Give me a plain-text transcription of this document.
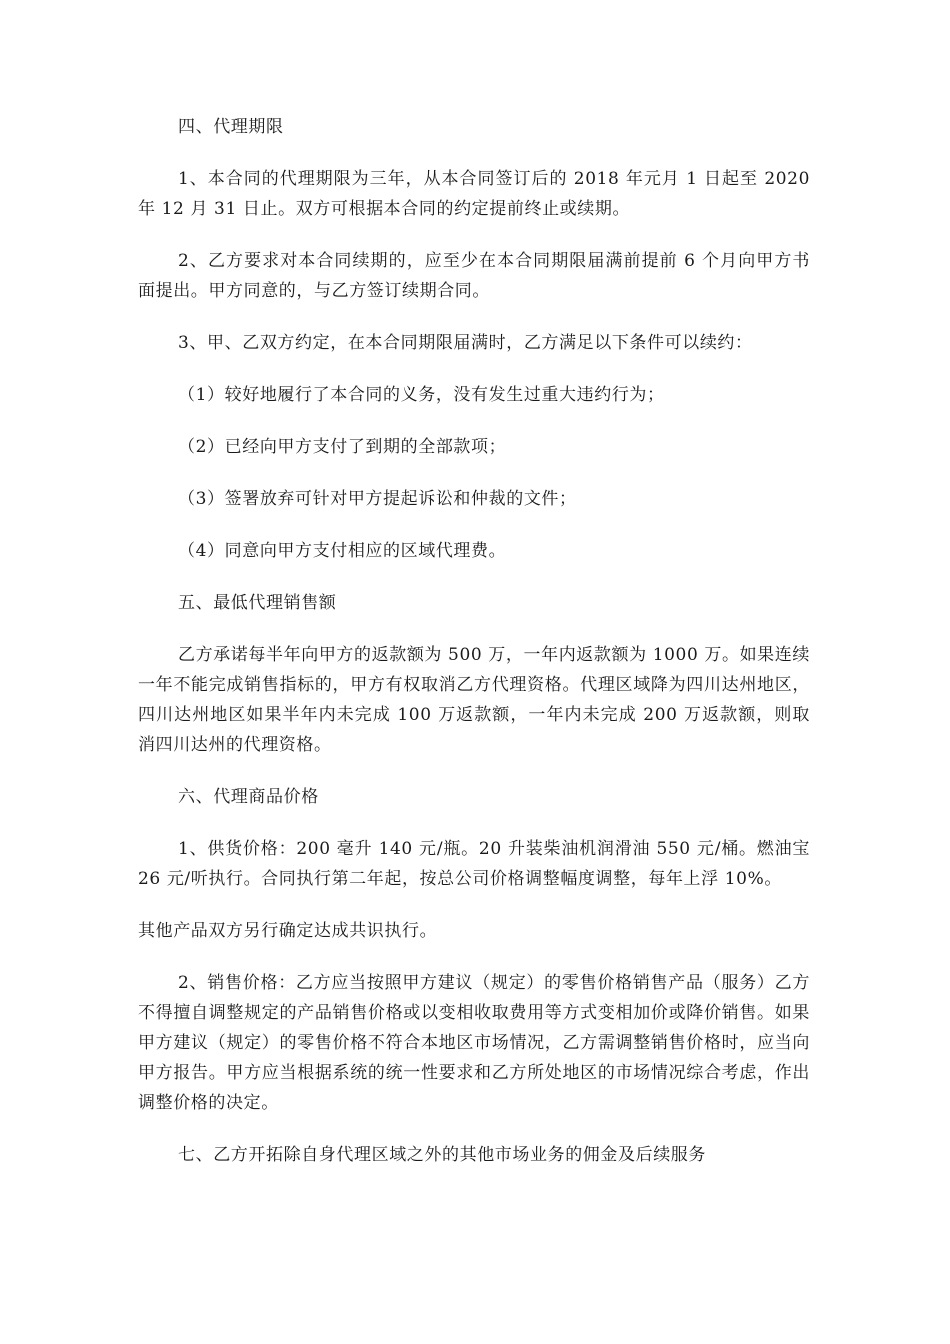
四、代理期限

1、本合同的代理期限为三年，从本合同签订后的 2018 年元月 1 日起至 2020 年 12 月 31 日止。双方可根据本合同的约定提前终止或续期。

2、乙方要求对本合同续期的，应至少在本合同期限届满前提前 6 个月向甲方书面提出。甲方同意的，与乙方签订续期合同。

3、甲、乙双方约定，在本合同期限届满时，乙方满足以下条件可以续约：

（1）较好地履行了本合同的义务，没有发生过重大违约行为；

（2）已经向甲方支付了到期的全部款项；

（3）签署放弃可针对甲方提起诉讼和仲裁的文件；

（4）同意向甲方支付相应的区域代理费。

五、最低代理销售额

乙方承诺每半年向甲方的返款额为 500 万，一年内返款额为 1000 万。如果连续一年不能完成销售指标的，甲方有权取消乙方代理资格。代理区域降为四川达州地区，四川达州地区如果半年内未完成 100 万返款额，一年内未完成 200 万返款额，则取消四川达州的代理资格。

六、代理商品价格

1、供货价格：200 毫升 140 元/瓶。20 升装柴油机润滑油 550 元/桶。燃油宝 26 元/听执行。合同执行第二年起，按总公司价格调整幅度调整，每年上浮 10%。

其他产品双方另行确定达成共识执行。

2、销售价格：乙方应当按照甲方建议（规定）的零售价格销售产品（服务）乙方不得擅自调整规定的产品销售价格或以变相收取费用等方式变相加价或降价销售。如果甲方建议（规定）的零售价格不符合本地区市场情况，乙方需调整销售价格时，应当向甲方报告。甲方应当根据系统的统一性要求和乙方所处地区的市场情况综合考虑，作出调整价格的决定。

七、乙方开拓除自身代理区域之外的其他市场业务的佣金及后续服务
